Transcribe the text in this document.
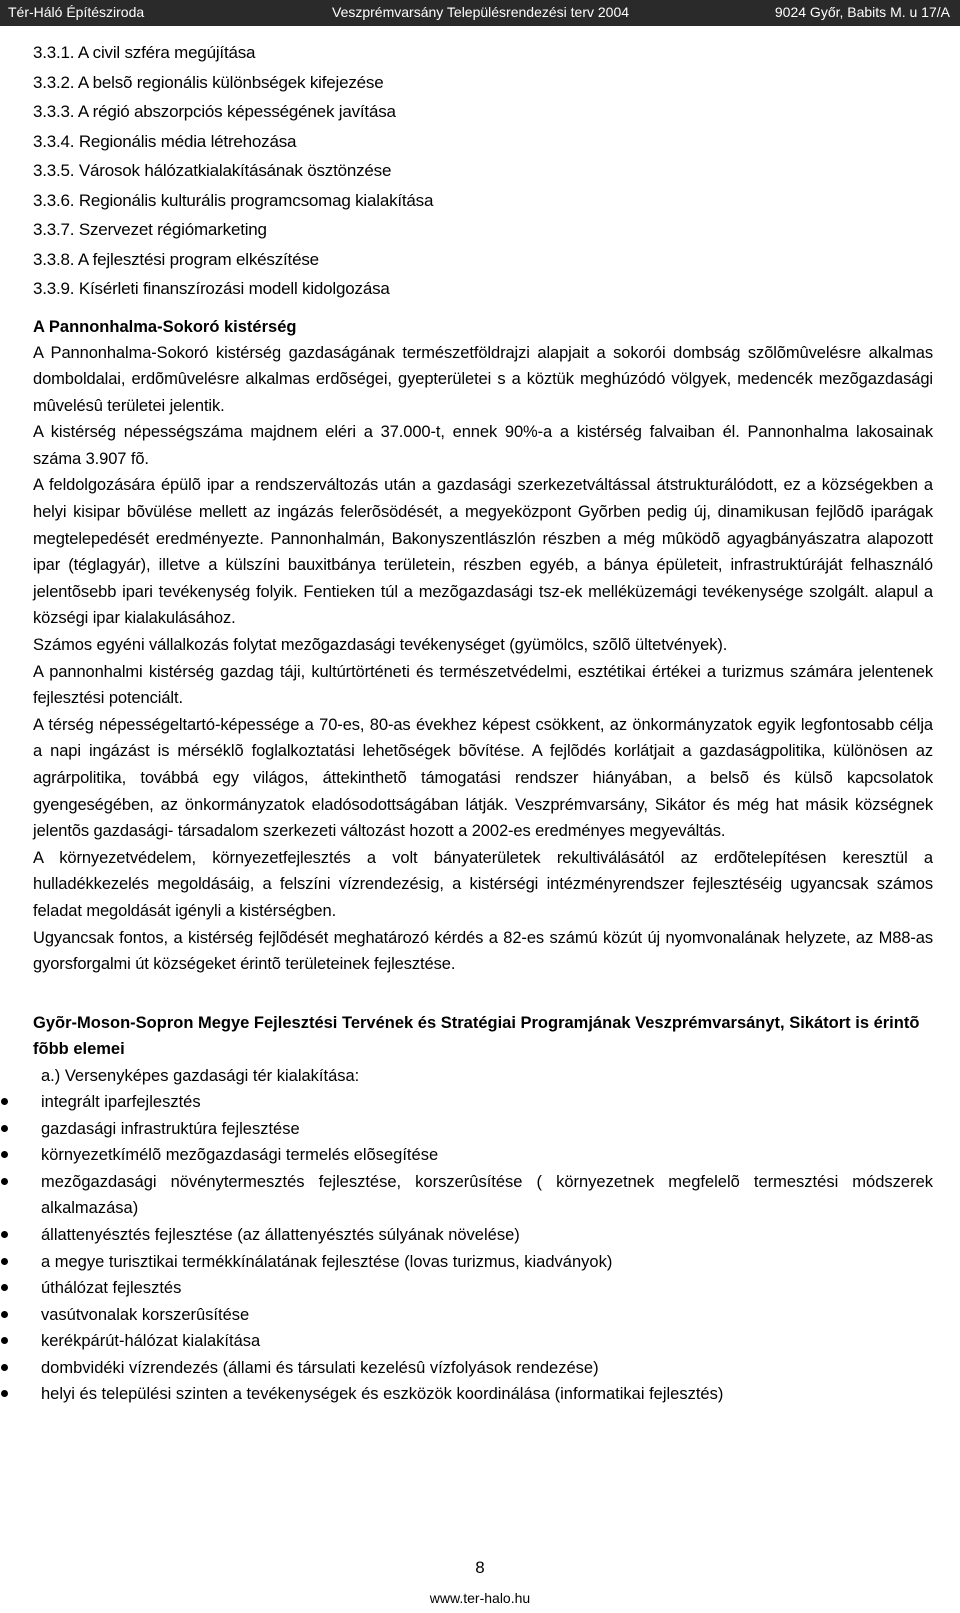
Tér-Háló Építésziroda	Veszprémvarsány Településrendezési terv 2004	9024 Győr, Babits M. u 17/A
3.3.1. A civil szféra megújítása
3.3.2. A belsõ regionális különbségek kifejezése
3.3.3. A régió abszorpciós képességének javítása
3.3.4. Regionális média létrehozása
3.3.5. Városok hálózatkialakításának ösztönzése
3.3.6. Regionális kulturális programcsomag kialakítása
3.3.7. Szervezet régiómarketing
3.3.8. A fejlesztési program elkészítése
3.3.9. Kísérleti finanszírozási modell kidolgozása
A Pannonhalma-Sokoró kistérség

A Pannonhalma-Sokoró kistérség gazdaságának természetföldrajzi alapjait a sokorói dombság szõlõmûvelésre alkalmas domboldalai, erdõmûvelésre alkalmas erdõségei, gyepterületei s a köztük meghúzódó völgyek, medencék mezõgazdasági mûvelésû területei jelentik.

A kistérség népességszáma majdnem eléri a 37.000-t, ennek 90%-a a kistérség falvaiban él. Pannonhalma lakosainak száma 3.907 fõ.

A feldolgozására épülõ ipar a rendszerváltozás után a gazdasági szerkezetváltással átstrukturálódott, ez a községekben a helyi kisipar bõvülése mellett az ingázás felerõsödését, a megyeközpont Gyõrben pedig új, dinamikusan fejlõdõ iparágak megtelepedését eredményezte. Pannonhalmán, Bakonyszentlászlón részben a még mûködõ agyagbányászatra alapozott ipar (téglagyár), illetve a külszíni bauxitbánya területein, részben egyéb, a bánya épületeit, infrastruktúráját felhasználó jelentõsebb ipari tevékenység folyik. Fentieken túl a mezõgazdasági tsz-ek melléküzemági tevékenysége szolgált. alapul a községi ipar kialakulásához.

Számos egyéni vállalkozás folytat mezõgazdasági tevékenységet (gyümölcs, szõlõ ültetvények).

A pannonhalmi kistérség gazdag táji, kultúrtörténeti és természetvédelmi, esztétikai értékei a turizmus számára jelentenek fejlesztési potenciált.

A térség népességeltartó-képessége a 70-es, 80-as évekhez képest csökkent, az önkormányzatok egyik legfontosabb célja a napi ingázást is mérséklõ foglalkoztatási lehetõségek bõvítése. A fejlõdés korlátjait a gazdaságpolitika, különösen az agrárpolitika, továbbá egy világos, áttekinthetõ támogatási rendszer hiányában, a belsõ és külsõ kapcsolatok gyengeségében, az önkormányzatok eladósodottságában látják. Veszprémvarsány, Sikátor és még hat másik községnek jelentõs gazdasági- társadalom szerkezeti változást hozott a 2002-es eredményes megyeváltás.

A környezetvédelem, környezetfejlesztés a volt bányaterületek rekultiválásától az erdõtelepítésen keresztül a hulladékkezelés megoldásáig, a felszíni vízrendezésig, a kistérségi intézményrendszer fejlesztéséig ugyancsak számos feladat megoldását igényli a kistérségben.

Ugyancsak fontos, a kistérség fejlõdését meghatározó kérdés a 82-es számú közút új nyomvonalának helyzete, az M88-as gyorsforgalmi út községeket érintõ területeinek fejlesztése.

Gyõr-Moson-Sopron Megye Fejlesztési Tervének és Stratégiai Programjának Veszprémvarsányt, Sikátort is érintõ fõbb elemei
a.) Versenyképes gazdasági tér kialakítása:
integrált iparfejlesztés
gazdasági infrastruktúra fejlesztése
környezetkímélõ mezõgazdasági termelés elõsegítése
mezõgazdasági növénytermesztés fejlesztése, korszerûsítése ( környezetnek megfelelõ termesztési módszerek alkalmazása)
állattenyésztés fejlesztése (az állattenyésztés súlyának növelése)
a megye turisztikai termékkínálatának fejlesztése (lovas turizmus, kiadványok)
úthálózat fejlesztés
vasútvonalak korszerûsítése
kerékpárút-hálózat kialakítása
dombvidéki vízrendezés (állami és társulati kezelésû vízfolyások rendezése)
helyi és települési szinten a tevékenységek és eszközök koordinálása (informatikai fejlesztés)
8
www.ter-halo.hu
